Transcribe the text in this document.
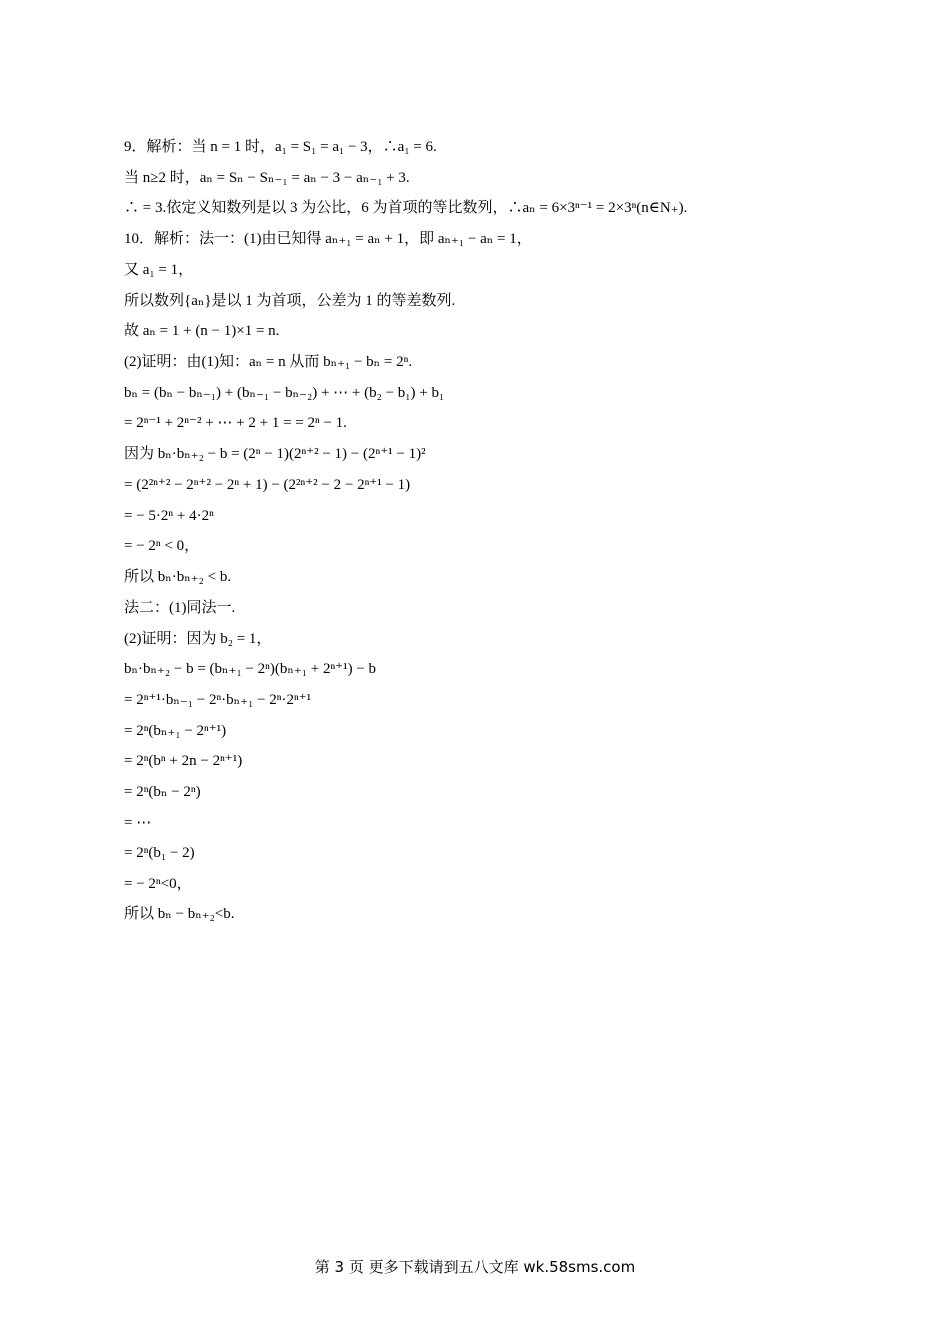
9．解析：当 n = 1 时，a₁ = S₁ = a₁ − 3，∴a₁ = 6.
当 n≥2 时，aₙ = Sₙ − Sₙ₋₁ = aₙ − 3 − aₙ₋₁ + 3.
∴ = 3.依定义知数列是以 3 为公比，6 为首项的等比数列，∴aₙ = 6×3ⁿ⁻¹ = 2×3ⁿ(n∈N₊).
10．解析：法一：(1)由已知得 aₙ₊₁ = aₙ + 1，即 aₙ₊₁ − aₙ = 1，
又 a₁ = 1，
所以数列{aₙ}是以 1 为首项，公差为 1 的等差数列.
故 aₙ = 1 + (n − 1)×1 = n.
(2)证明：由(1)知：aₙ = n 从而 bₙ₊₁ − bₙ = 2ⁿ.
bₙ = (bₙ − bₙ₋₁) + (bₙ₋₁ − bₙ₋₂) + ⋯ + (b₂ − b₁) + b₁
= 2ⁿ⁻¹ + 2ⁿ⁻² + ⋯ + 2 + 1 = = 2ⁿ − 1.
因为 bₙ·bₙ₊₂ − b = (2ⁿ − 1)(2ⁿ⁺² − 1) − (2ⁿ⁺¹ − 1)²
= (2²ⁿ⁺² − 2ⁿ⁺² − 2ⁿ + 1) − (2²ⁿ⁺² − 2 − 2ⁿ⁺¹ − 1)
= − 5·2ⁿ + 4·2ⁿ
= − 2ⁿ < 0，
所以 bₙ·bₙ₊₂ < b.
法二：(1)同法一.
(2)证明：因为 b₂ = 1，
bₙ·bₙ₊₂ − b = (bₙ₊₁ − 2ⁿ)(bₙ₊₁ + 2ⁿ⁺¹) − b
= 2ⁿ⁺¹·bₙ₋₁ − 2ⁿ·bₙ₊₁ − 2ⁿ·2ⁿ⁺¹
= 2ⁿ(bₙ₊₁ − 2ⁿ⁺¹)
= 2ⁿ(bⁿ + 2n − 2ⁿ⁺¹)
= 2ⁿ(bₙ − 2ⁿ)
= ⋯
= 2ⁿ(b₁ − 2)
= − 2ⁿ<0，
所以 bₙ − bₙ₊₂<b.
第 3 页 更多下载请到五八文库 wk.58sms.com
